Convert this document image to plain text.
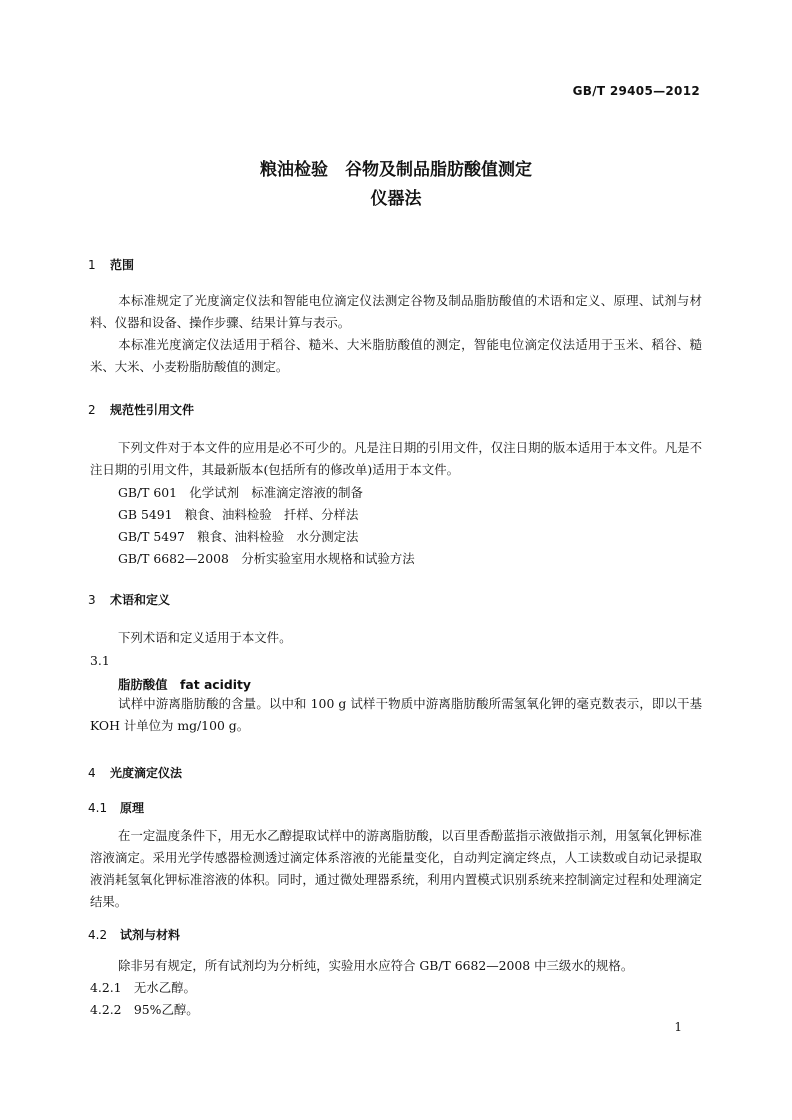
GB/T 29405—2012
粮油检验　谷物及制品脂肪酸值测定
仪器法
1 范围
本标准规定了光度滴定仪法和智能电位滴定仪法测定谷物及制品脂肪酸值的术语和定义、原理、试剂与材料、仪器和设备、操作步骤、结果计算与表示。
本标准光度滴定仪法适用于稻谷、糙米、大米脂肪酸值的测定，智能电位滴定仪法适用于玉米、稻谷、糙米、大米、小麦粉脂肪酸值的测定。
2 规范性引用文件
下列文件对于本文件的应用是必不可少的。凡是注日期的引用文件，仅注日期的版本适用于本文件。凡是不注日期的引用文件，其最新版本(包括所有的修改单)适用于本文件。
GB/T 601　化学试剂　标准滴定溶液的制备
GB 5491　粮食、油料检验　扦样、分样法
GB/T 5497　粮食、油料检验　水分测定法
GB/T 6682—2008　分析实验室用水规格和试验方法
3 术语和定义
下列术语和定义适用于本文件。
3.1
脂肪酸值　fat acidity
试样中游离脂肪酸的含量。以中和 100 g 试样干物质中游离脂肪酸所需氢氧化钾的毫克数表示，即以干基 KOH 计单位为 mg/100 g。
4 光度滴定仪法
4.1 原理
在一定温度条件下，用无水乙醇提取试样中的游离脂肪酸，以百里香酚蓝指示液做指示剂，用氢氧化钾标准溶液滴定。采用光学传感器检测透过滴定体系溶液的光能量变化，自动判定滴定终点，人工读数或自动记录提取液消耗氢氧化钾标准溶液的体积。同时，通过微处理器系统，利用内置模式识别系统来控制滴定过程和处理滴定结果。
4.2 试剂与材料
除非另有规定，所有试剂均为分析纯，实验用水应符合 GB/T 6682—2008 中三级水的规格。
4.2.1　无水乙醇。
4.2.2　95%乙醇。
1
